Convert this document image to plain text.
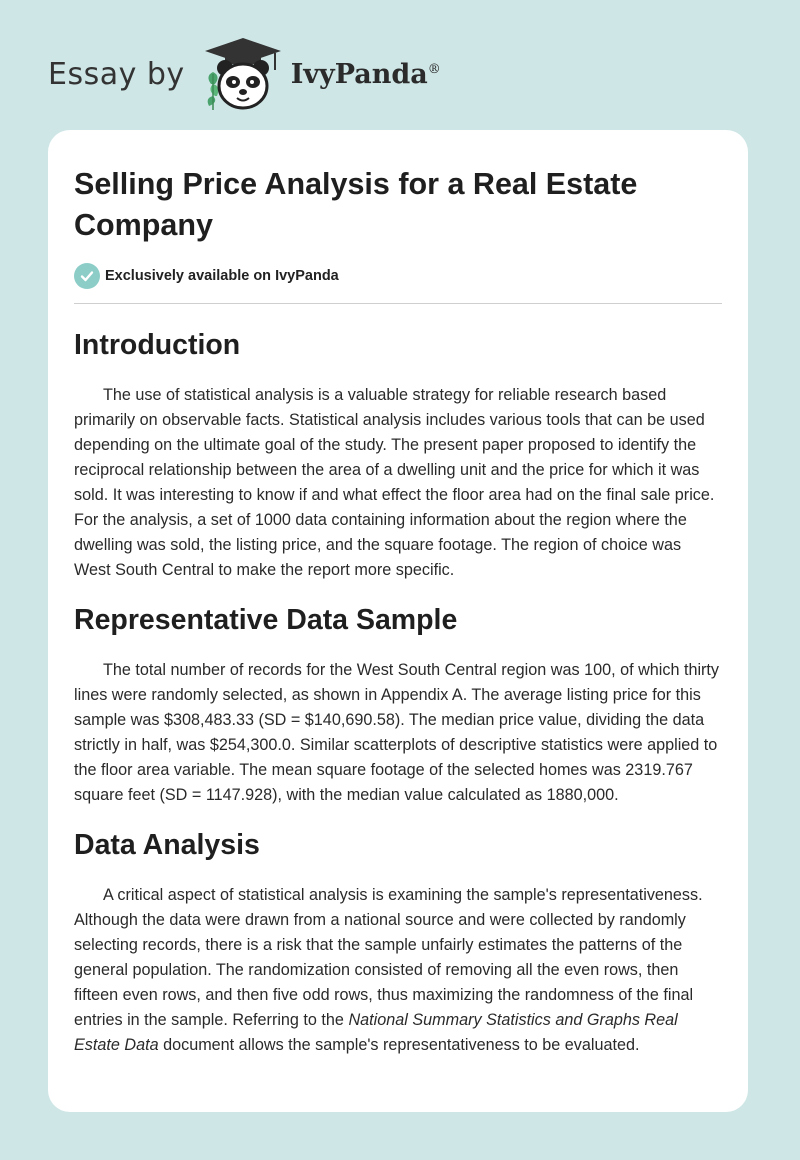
Essay by	IvyPanda®
Selling Price Analysis for a Real Estate Company
Exclusively available on IvyPanda
Introduction

The use of statistical analysis is a valuable strategy for reliable research based primarily on observable facts. Statistical analysis includes various tools that can be used depending on the ultimate goal of the study. The present paper proposed to identify the reciprocal relationship between the area of a dwelling unit and the price for which it was sold. It was interesting to know if and what effect the floor area had on the final sale price. For the analysis, a set of 1000 data containing information about the region where the dwelling was sold, the listing price, and the square footage. The region of choice was West South Central to make the report more specific.

Representative Data Sample

The total number of records for the West South Central region was 100, of which thirty lines were randomly selected, as shown in Appendix A. The average listing price for this sample was $308,483.33 (SD = $140,690.58). The median price value, dividing the data strictly in half, was $254,300.0. Similar scatterplots of descriptive statistics were applied to the floor area variable. The mean square footage of the selected homes was 2319.767 square feet (SD = 1147.928), with the median value calculated as 1880,000.

Data Analysis

A critical aspect of statistical analysis is examining the sample's representativeness. Although the data were drawn from a national source and were collected by randomly selecting records, there is a risk that the sample unfairly estimates the patterns of the general population. The randomization consisted of removing all the even rows, then fifteen even rows, and then five odd rows, thus maximizing the randomness of the final entries in the sample. Referring to the National Summary Statistics and Graphs Real Estate Data document allows the sample's representativeness to be evaluated.
